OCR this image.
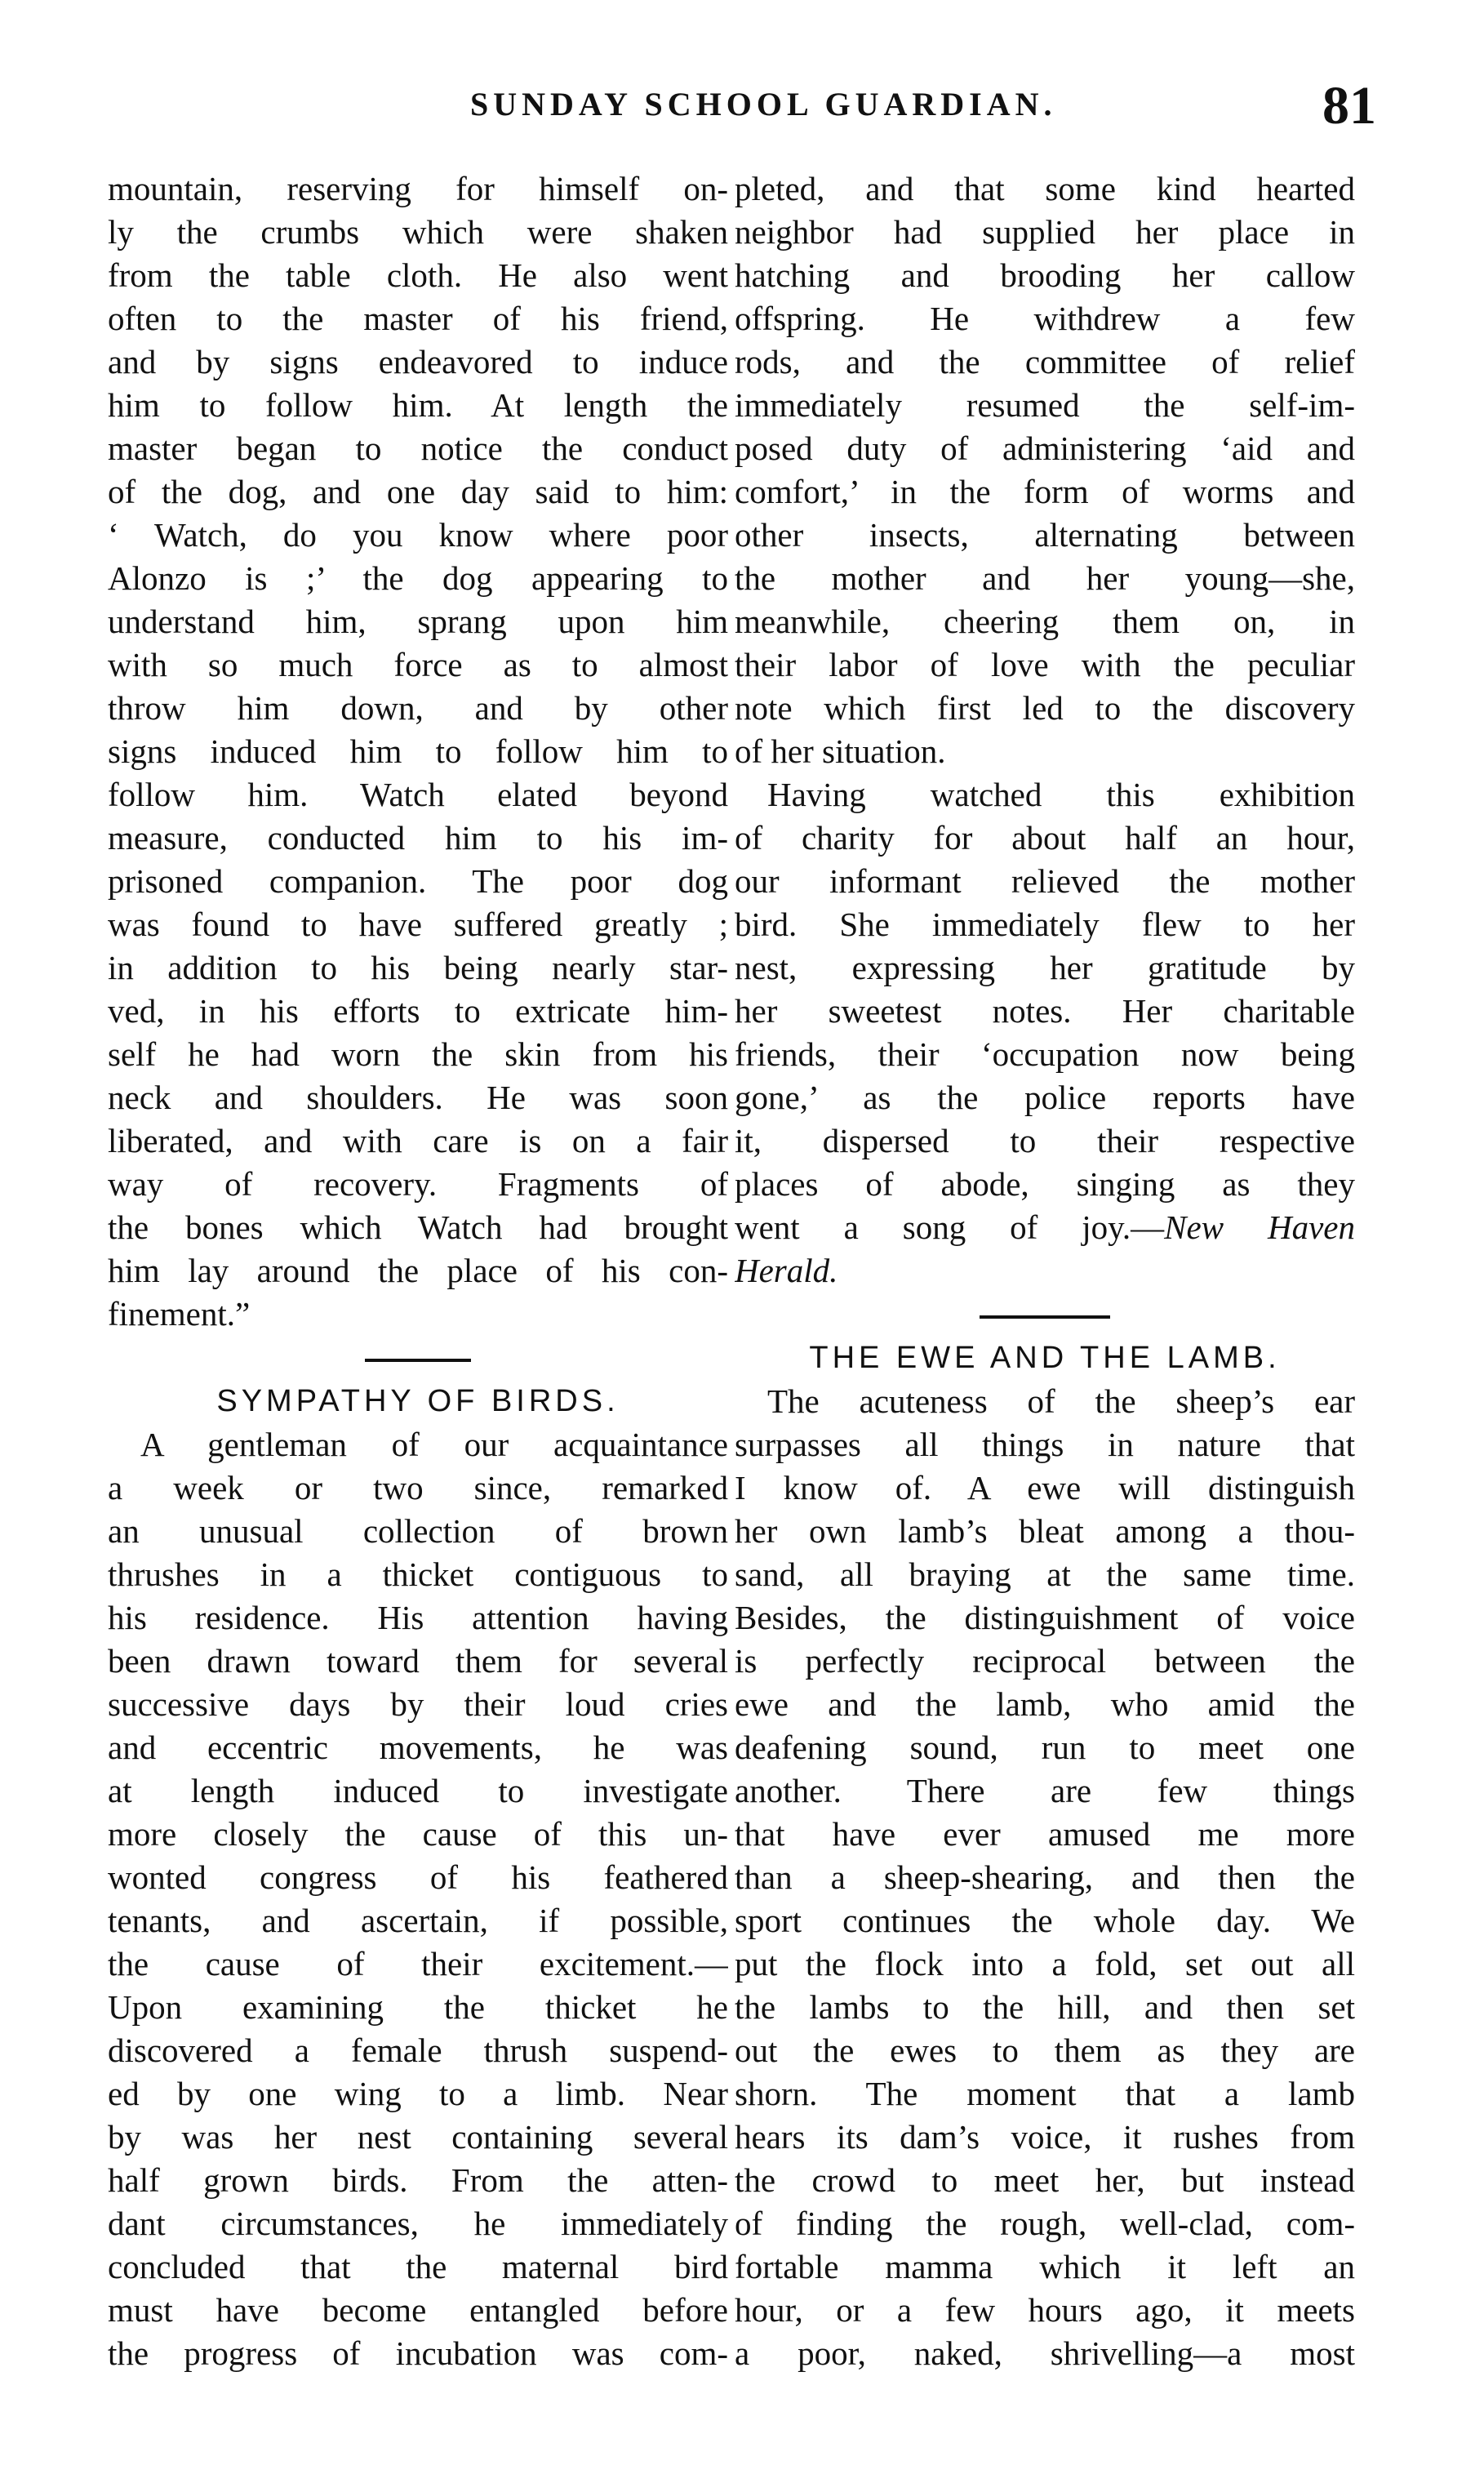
SUNDAY SCHOOL GUARDIAN.	81
mountain, reserving for himself on-
ly the crumbs which were shaken
from the table cloth. He also went
often to the master of his friend,
and by signs endeavored to induce
him to follow him. At length the
master began to notice the conduct
of the dog, and one day said to him:
‘ Watch, do you know where poor
Alonzo is ;’ the dog appearing to
understand him, sprang upon him
with so much force as to almost
throw him down, and by other
signs induced him to follow him to
follow him. Watch elated beyond
measure, conducted him to his im-
prisoned companion. The poor dog
was found to have suffered greatly ;
in addition to his being nearly star-
ved, in his efforts to extricate him-
self he had worn the skin from his
neck and shoulders. He was soon
liberated, and with care is on a fair
way of recovery. Fragments of
the bones which Watch had brought
him lay around the place of his con-
finement.”
SYMPATHY OF BIRDS.
A gentleman of our acquaintance
a week or two since, remarked
an unusual collection of brown
thrushes in a thicket contiguous to
his residence. His attention having
been drawn toward them for several
successive days by their loud cries
and eccentric movements, he was
at length induced to investigate
more closely the cause of this un-
wonted congress of his feathered
tenants, and ascertain, if possible,
the cause of their excitement.—
Upon examining the thicket he
discovered a female thrush suspend-
ed by one wing to a limb. Near
by was her nest containing several
half grown birds. From the atten-
dant circumstances, he immediately
concluded that the maternal bird
must have become entangled before
the progress of incubation was com-
pleted, and that some kind hearted
neighbor had supplied her place in
hatching and brooding her callow
offspring. He withdrew a few
rods, and the committee of relief
immediately resumed the self-im-
posed duty of administering ‘aid and
comfort,’ in the form of worms and
other insects, alternating between
the mother and her young—she,
meanwhile, cheering them on, in
their labor of love with the peculiar
note which first led to the discovery
of her situation.
Having watched this exhibition
of charity for about half an hour,
our informant relieved the mother
bird. She immediately flew to her
nest, expressing her gratitude by
her sweetest notes. Her charitable
friends, their ‘occupation now being
gone,’ as the police reports have
it, dispersed to their respective
places of abode, singing as they
went a song of joy.—New Haven
Herald.
THE EWE AND THE LAMB.
The acuteness of the sheep’s ear
surpasses all things in nature that
I know of. A ewe will distinguish
her own lamb’s bleat among a thou-
sand, all braying at the same time.
Besides, the distinguishment of voice
is perfectly reciprocal between the
ewe and the lamb, who amid the
deafening sound, run to meet one
another. There are few things
that have ever amused me more
than a sheep-shearing, and then the
sport continues the whole day. We
put the flock into a fold, set out all
the lambs to the hill, and then set
out the ewes to them as they are
shorn. The moment that a lamb
hears its dam’s voice, it rushes from
the crowd to meet her, but instead
of finding the rough, well-clad, com-
fortable mamma which it left an
hour, or a few hours ago, it meets
a poor, naked, shrivelling—a most
